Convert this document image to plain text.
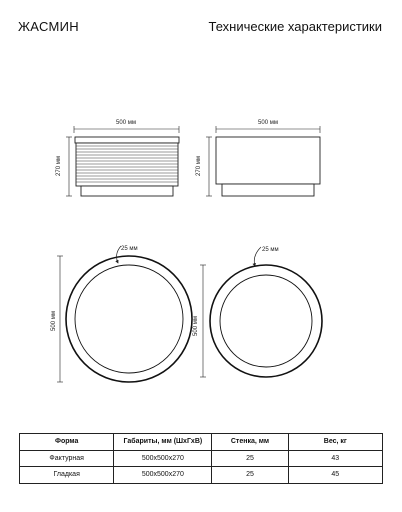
ЖАСМИН	Технические характеристики
500 мм
270 мм
500 мм
270 мм
500 мм
25 мм
500 мм
25 мм
Форма	Габариты, мм (ШхГхВ)	Стенка, мм	Вес, кг
Фактурная	500x500x270	25	43
Гладкая	500x500x270	25	45
